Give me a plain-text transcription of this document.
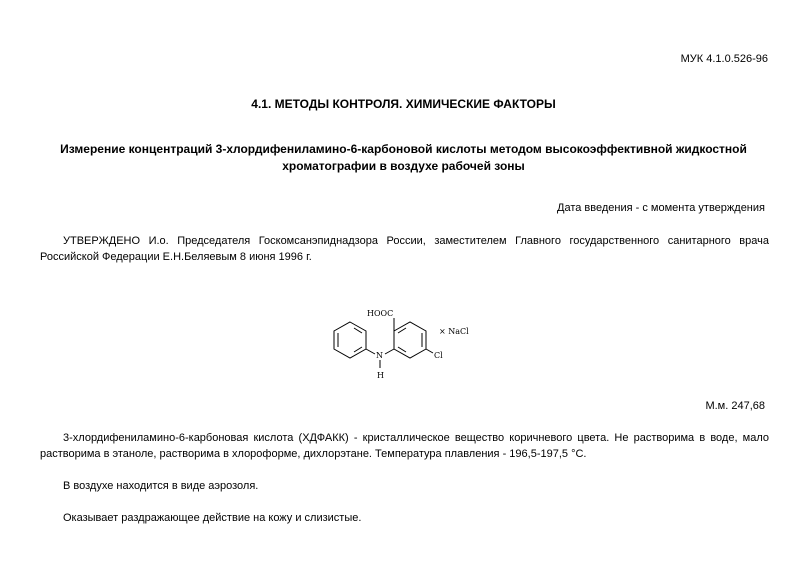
МУК 4.1.0.526-96
4.1. МЕТОДЫ КОНТРОЛЯ. ХИМИЧЕСКИЕ ФАКТОРЫ
Измерение концентраций 3-хлордифениламино-6-карбоновой кислоты методом высокоэффективной жидкостной хроматографии в воздухе рабочей зоны
Дата введения - с момента утверждения
УТВЕРЖДЕНО И.о. Председателя Госкомсанэпиднадзора России, заместителем Главного государственного санитарного врача Российской Федерации Е.Н.Беляевым 8 июня 1996 г.
HOOC
× NaCl
N
H
Cl
М.м. 247,68
3-хлордифениламино-6-карбоновая кислота (ХДФАКК) - кристаллическое вещество коричневого цвета. Не растворима в воде, мало растворима в этаноле, растворима в хлороформе, дихлорэтане. Температура плавления - 196,5-197,5 °С.
В воздухе находится в виде аэрозоля.
Оказывает раздражающее действие на кожу и слизистые.
